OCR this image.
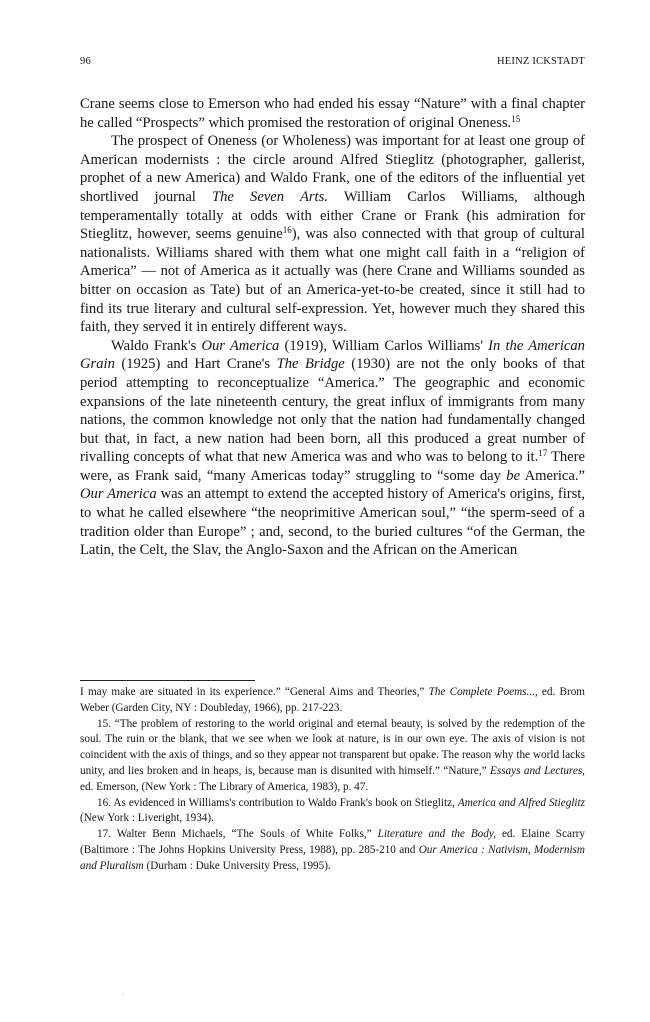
96	HEINZ ICKSTADT

Crane seems close to Emerson who had ended his essay “Nature” with a final chapter he called “Prospects” which promised the restoration of original Oneness.$^{15}$

The prospect of Oneness (or Wholeness) was important for at least one group of American modernists : the circle around Alfred Stieglitz (photographer, gallerist, prophet of a new America) and Waldo Frank, one of the editors of the influential yet shortlived journal The Seven Arts. William Carlos Williams, although temperamentally totally at odds with either Crane or Frank (his admiration for Stieglitz, however, seems genuine$^{16}$), was also connected with that group of cultural nationalists. Williams shared with them what one might call faith in a “religion of America” — not of America as it actually was (here Crane and Williams sounded as bitter on occasion as Tate) but of an America-yet-to-be created, since it still had to find its true literary and cultural self-expression. Yet, however much they shared this faith, they served it in entirely different ways.

Waldo Frank's Our America (1919), William Carlos Williams' In the American Grain (1925) and Hart Crane's The Bridge (1930) are not the only books of that period attempting to reconceptualize “America.” The geographic and economic expansions of the late nineteenth century, the great influx of immigrants from many nations, the common knowledge not only that the nation had fundamentally changed but that, in fact, a new nation had been born, all this produced a great number of rivalling concepts of what that new America was and who was to belong to it.$^{17}$ There were, as Frank said, “many Americas today” struggling to “some day be America.” Our America was an attempt to extend the accepted history of America's origins, first, to what he called elsewhere “the neoprimitive American soul,” “the sperm-seed of a tradition older than Europe” ; and, second, to the buried cultures “of the German, the Latin, the Celt, the Slav, the Anglo-Saxon and the African on the American

I may make are situated in its experience.” “General Aims and Theories,” The Complete Poems..., ed. Brom Weber (Garden City, NY : Doubleday, 1966), pp. 217-223.

15. “The problem of restoring to the world original and eternal beauty, is solved by the redemption of the soul. The ruin or the blank, that we see when we look at nature, is in our own eye. The axis of vision is not coincident with the axis of things, and so they appear not transparent but opake. The reason why the world lacks unity, and lies broken and in heaps, is, because man is disunited with himself.” “Nature,” Essays and Lectures, ed. Emerson, (New York : The Library of America, 1983), p. 47.

16. As evidenced in Williams's contribution to Waldo Frank's book on Stieglitz, America and Alfred Stieglitz (New York : Liveright, 1934).

17. Walter Benn Michaels, “The Souls of White Folks,” Literature and the Body, ed. Elaine Scarry (Baltimore : The Johns Hopkins University Press, 1988), pp. 285-210 and Our America : Nativism, Modernism and Pluralism (Durham : Duke University Press, 1995).

.
